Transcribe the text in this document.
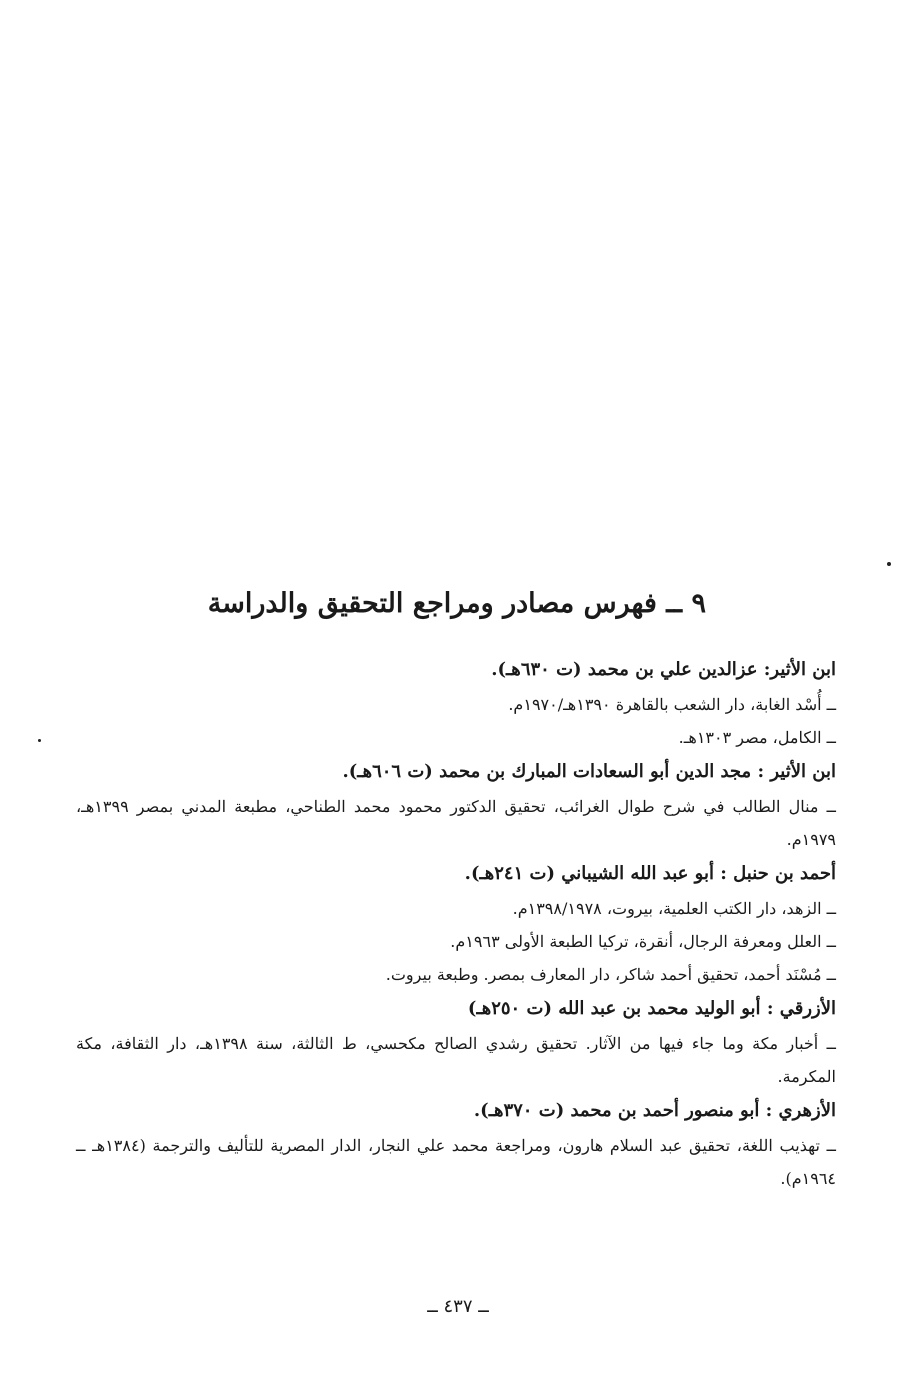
٩ ــ فهرس مصادر ومراجع التحقيق والدراسة
ابن الأثير: عزالدين علي بن محمد (ت ٦٣٠هـ).
ــ أُسْد الغابة، دار الشعب بالقاهرة ١٣٩٠هـ/١٩٧٠م.
ــ الكامل، مصر ١٣٠٣هـ.
ابن الأثير : مجد الدين أبو السعادات المبارك بن محمد (ت ٦٠٦هـ).
ــ منال الطالب في شرح طوال الغرائب، تحقيق الدكتور محمود محمد الطناحي، مطبعة المدني بمصر ١٣٩٩هـ، ١٩٧٩م.
أحمد بن حنبل : أبو عبد الله الشيباني (ت ٢٤١هـ).
ــ الزهد، دار الكتب العلمية، بيروت، ١٣٩٨/١٩٧٨م.
ــ العلل ومعرفة الرجال، أنقرة، تركيا الطبعة الأولى ١٩٦٣م.
ــ مُسْنَد أحمد، تحقيق أحمد شاكر، دار المعارف بمصر. وطبعة بيروت.
الأزرقي : أبو الوليد محمد بن عبد الله (ت ٢٥٠هـ)
ــ أخبار مكة وما جاء فيها من الآثار. تحقيق رشدي الصالح مكحسي، ط الثالثة، سنة ١٣٩٨هـ، دار الثقافة، مكة المكرمة.
الأزهري : أبو منصور أحمد بن محمد (ت ٣٧٠هـ).
ــ تهذيب اللغة، تحقيق عبد السلام هارون، ومراجعة محمد علي النجار، الدار المصرية للتأليف والترجمة (١٣٨٤هـ ــ ١٩٦٤م).
ــ ٤٣٧ ــ
